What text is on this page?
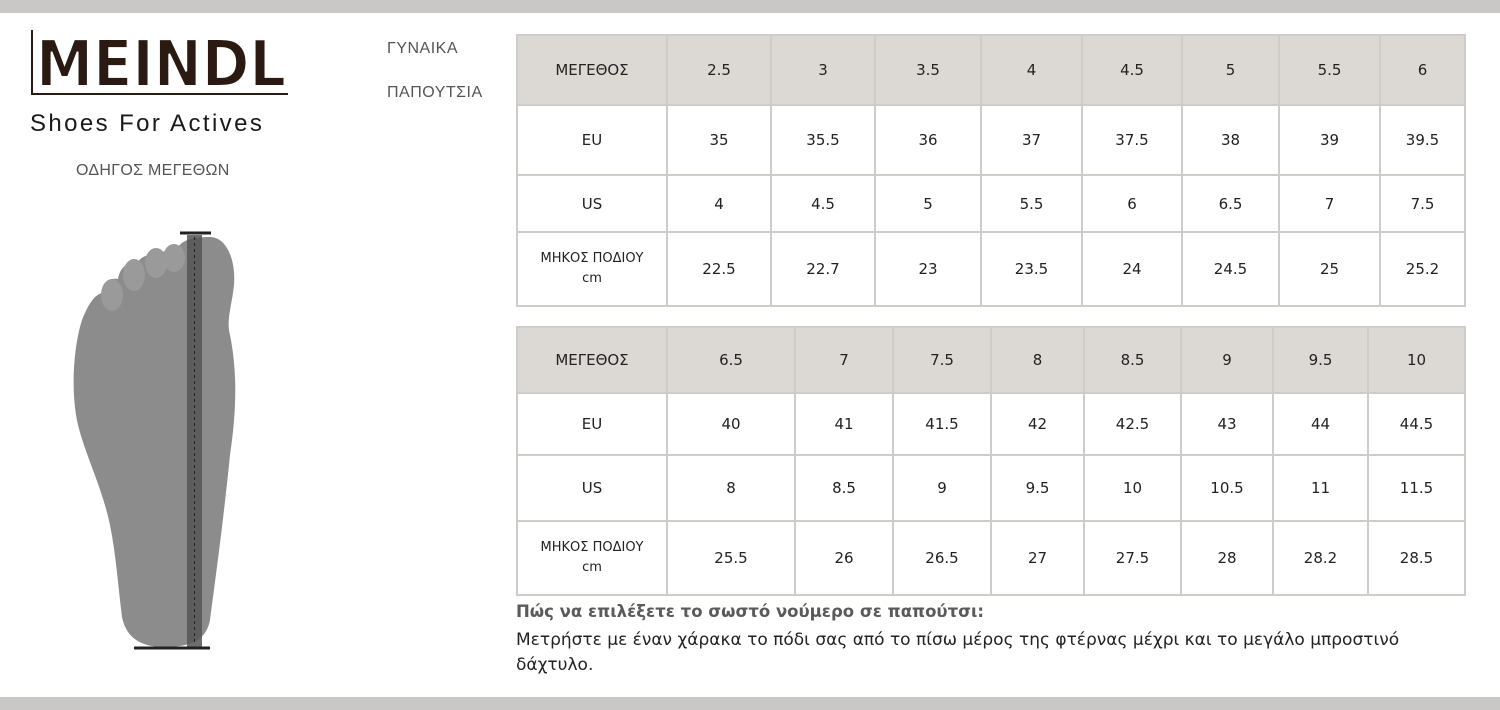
MEINDL
Shoes For Actives
ΟΔΗΓΟΣ ΜΕΓΕΘΩΝ
ΓΥΝΑΙΚΑ
ΠΑΠΟΥΤΣΙΑ
ΜΕΓΕΘΟΣ	2.5	3	3.5	4	4.5	5	5.5	6
EU	35	35.5	36	37	37.5	38	39	39.5
US	4	4.5	5	5.5	6	6.5	7	7.5

ΜΗΚΟΣ ΠΟΔΙΟΥ
cm	22.5	22.7	23	23.5	24	24.5	25	25.2
ΜΕΓΕΘΟΣ	6.5	7	7.5	8	8.5	9	9.5	10
EU	40	41	41.5	42	42.5	43	44	44.5
US	8	8.5	9	9.5	10	10.5	11	11.5

ΜΗΚΟΣ ΠΟΔΙΟΥ
cm	25.5	26	26.5	27	27.5	28	28.2	28.5
Πώς να επιλέξετε το σωστό νούμερο σε παπούτσι:
Μετρήστε με έναν χάρακα το πόδι σας από το πίσω μέρος της φτέρνας μέχρι και το μεγάλο μπροστινό δάχτυλο.
